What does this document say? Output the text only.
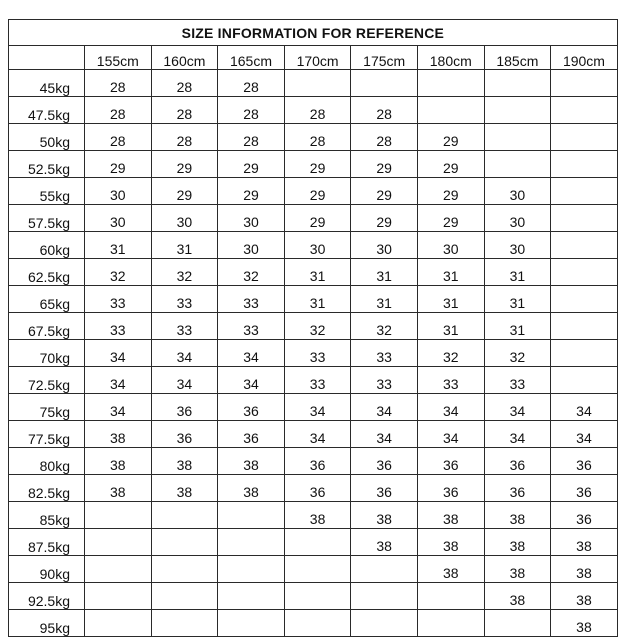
SIZE INFORMATION FOR REFERENCE								
	155cm	160cm	165cm	170cm	175cm	180cm	185cm	190cm
45kg	28	28	28					
47.5kg	28	28	28	28	28			
50kg	28	28	28	28	28	29		
52.5kg	29	29	29	29	29	29		
55kg	30	29	29	29	29	29	30	
57.5kg	30	30	30	29	29	29	30	
60kg	31	31	30	30	30	30	30	
62.5kg	32	32	32	31	31	31	31	
65kg	33	33	33	31	31	31	31	
67.5kg	33	33	33	32	32	31	31	
70kg	34	34	34	33	33	32	32	
72.5kg	34	34	34	33	33	33	33	
75kg	34	36	36	34	34	34	34	34
77.5kg	38	36	36	34	34	34	34	34
80kg	38	38	38	36	36	36	36	36
82.5kg	38	38	38	36	36	36	36	36
85kg				38	38	38	38	36
87.5kg					38	38	38	38
90kg						38	38	38
92.5kg							38	38
95kg								38
